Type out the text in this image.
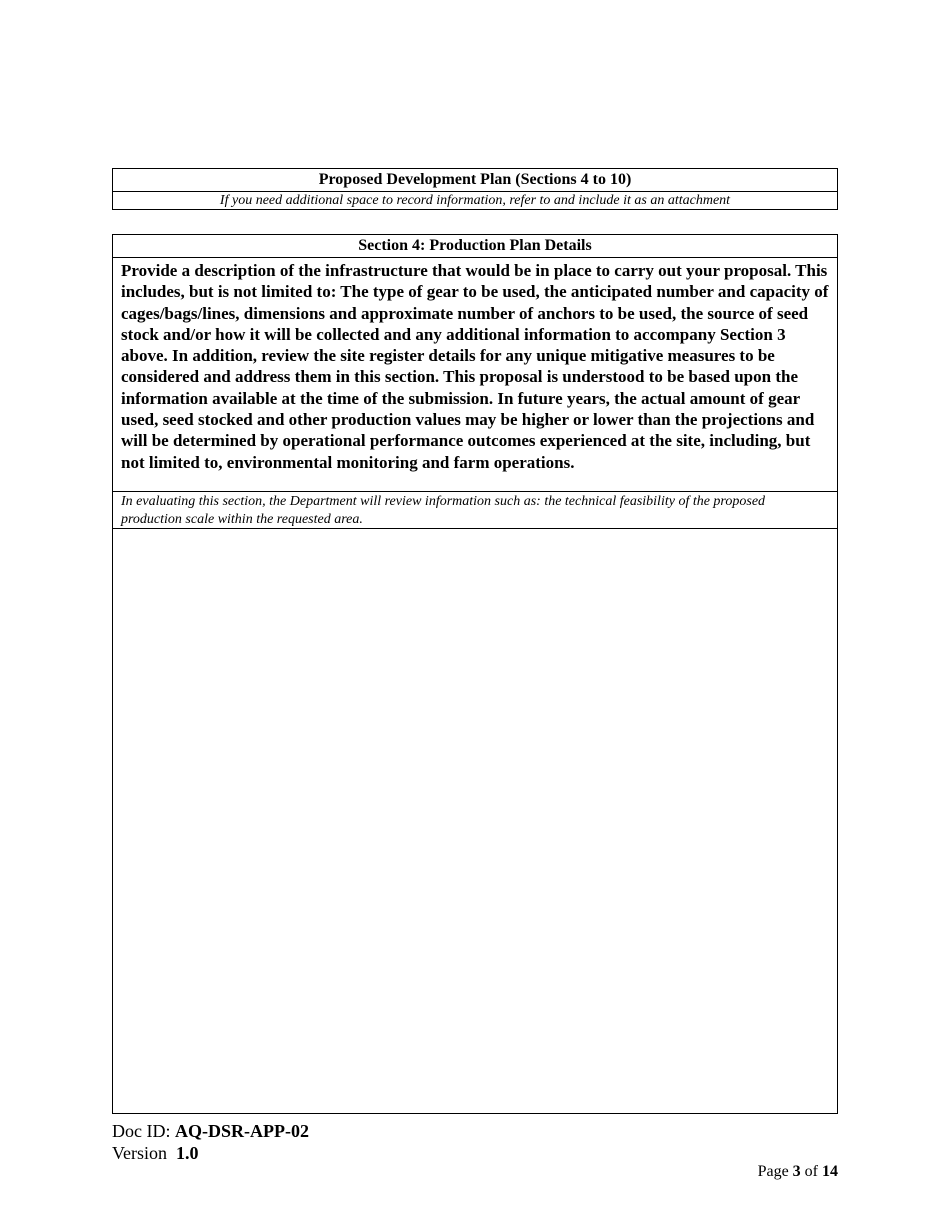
Proposed Development Plan (Sections 4 to 10)
If you need additional space to record information, refer to and include it as an attachment
Section 4: Production Plan Details
Provide a description of the infrastructure that would be in place to carry out your proposal. This includes, but is not limited to: The type of gear to be used, the anticipated number and capacity of cages/bags/lines, dimensions and approximate number of anchors to be used, the source of seed stock and/or how it will be collected and any additional information to accompany Section 3 above. In addition, review the site register details for any unique mitigative measures to be considered and address them in this section. This proposal is understood to be based upon the information available at the time of the submission. In future years, the actual amount of gear used, seed stocked and other production values may be higher or lower than the projections and will be determined by operational performance outcomes experienced at the site, including, but not limited to, environmental monitoring and farm operations.
In evaluating this section, the Department will review information such as: the technical feasibility of the proposed production scale within the requested area.
Doc ID: AQ-DSR-APP-02
Version  1.0
Page 3 of 14
